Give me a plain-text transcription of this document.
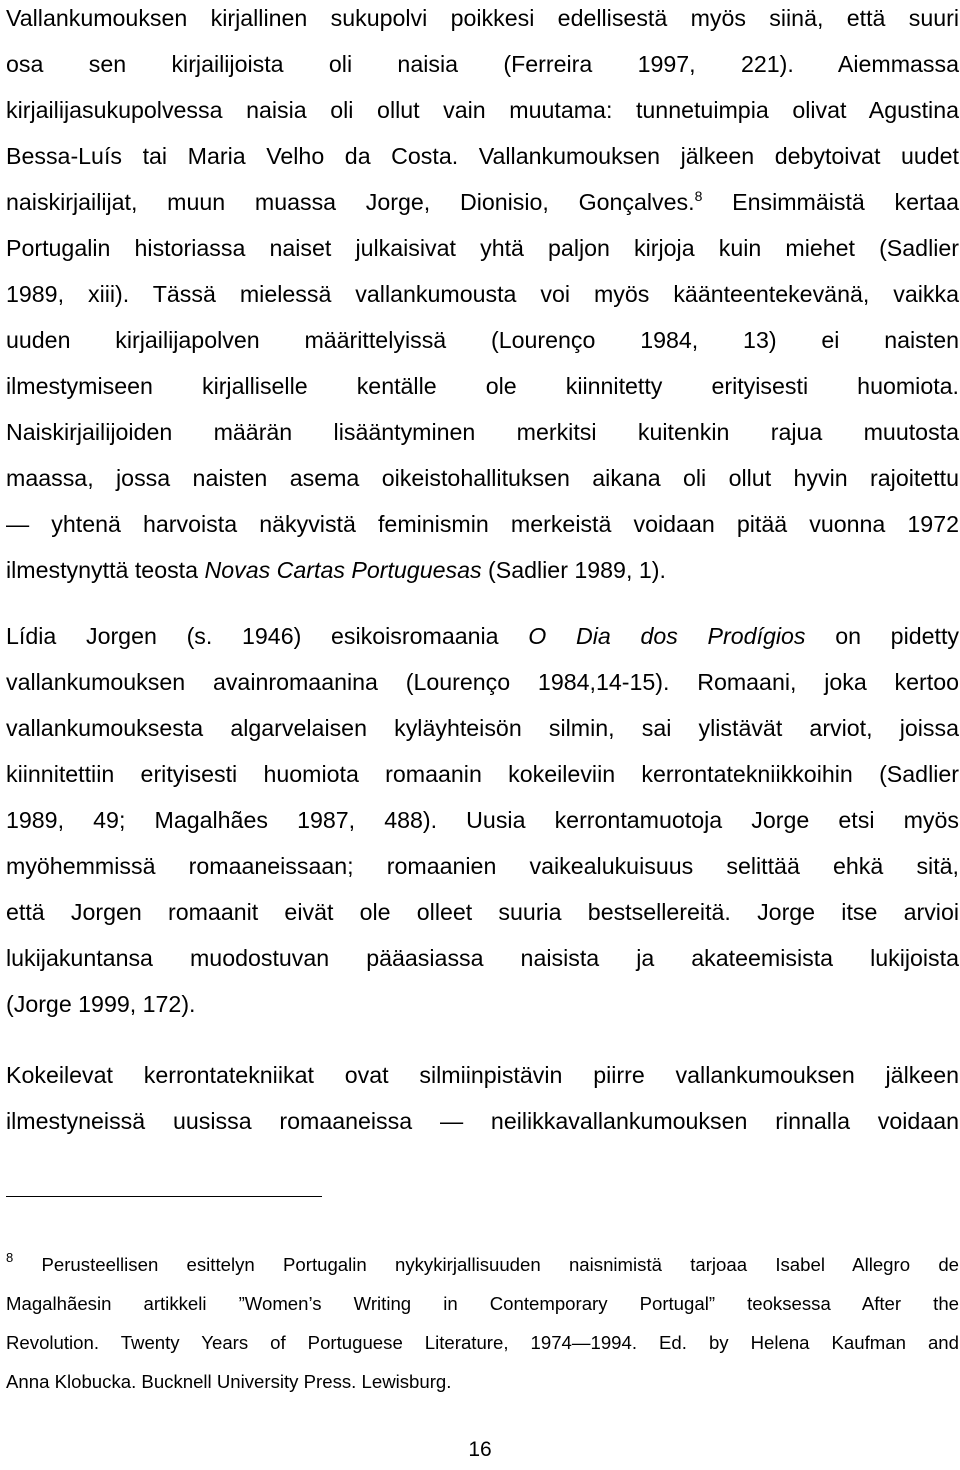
Vallankumouksen kirjallinen sukupolvi poikkesi edellisestä myös siinä, että suuri
osa sen kirjailijoista oli naisia (Ferreira 1997, 221). Aiemmassa
kirjailijasukupolvessa naisia oli ollut vain muutama: tunnetuimpia olivat Agustina
Bessa-Luís tai Maria Velho da Costa. Vallankumouksen jälkeen debytoivat uudet
naiskirjailijat, muun muassa Jorge, Dionisio, Gonçalves.$^8$ Ensimmäistä kertaa
Portugalin historiassa naiset julkaisivat yhtä paljon kirjoja kuin miehet (Sadlier
1989, xiii). Tässä mielessä vallankumousta voi myös käänteentekevänä, vaikka
uuden kirjailijapolven määrittelyissä (Lourenço 1984, 13) ei naisten
ilmestymiseen kirjalliselle kentälle ole kiinnitetty erityisesti huomiota.
Naiskirjailijoiden määrän lisääntyminen merkitsi kuitenkin rajua muutosta
maassa, jossa naisten asema oikeistohallituksen aikana oli ollut hyvin rajoitettu
— yhtenä harvoista näkyvistä feminismin merkeistä voidaan pitää vuonna 1972
ilmestynyttä teosta Novas Cartas Portuguesas (Sadlier 1989, 1).
Lídia Jorgen (s. 1946) esikoisromaania O Dia dos Prodígios on pidetty
vallankumouksen avainromaanina (Lourenço 1984,14-15). Romaani, joka kertoo
vallankumouksesta algarvelaisen kyläyhteisön silmin, sai ylistävät arviot, joissa
kiinnitettiin erityisesti huomiota romaanin kokeileviin kerrontatekniikkoihin (Sadlier
1989, 49; Magalhães 1987, 488). Uusia kerrontamuotoja Jorge etsi myös
myöhemmissä romaaneissaan; romaanien vaikealukuisuus selittää ehkä sitä,
että Jorgen romaanit eivät ole olleet suuria bestsellereitä. Jorge itse arvioi
lukijakuntansa muodostuvan pääasiassa naisista ja akateemisista lukijoista
(Jorge 1999, 172).
Kokeilevat kerrontatekniikat ovat silmiinpistävin piirre vallankumouksen jälkeen
ilmestyneissä uusissa romaaneissa — neilikkavallankumouksen rinnalla voidaan
$^8$ Perusteellisen esittelyn Portugalin nykykirjallisuuden naisnimistä tarjoaa Isabel Allegro de
Magalhãesin artikkeli ”Women’s Writing in Contemporary Portugal” teoksessa After the
Revolution. Twenty Years of Portuguese Literature, 1974—1994. Ed. by Helena Kaufman and
Anna Klobucka. Bucknell University Press. Lewisburg.
16
